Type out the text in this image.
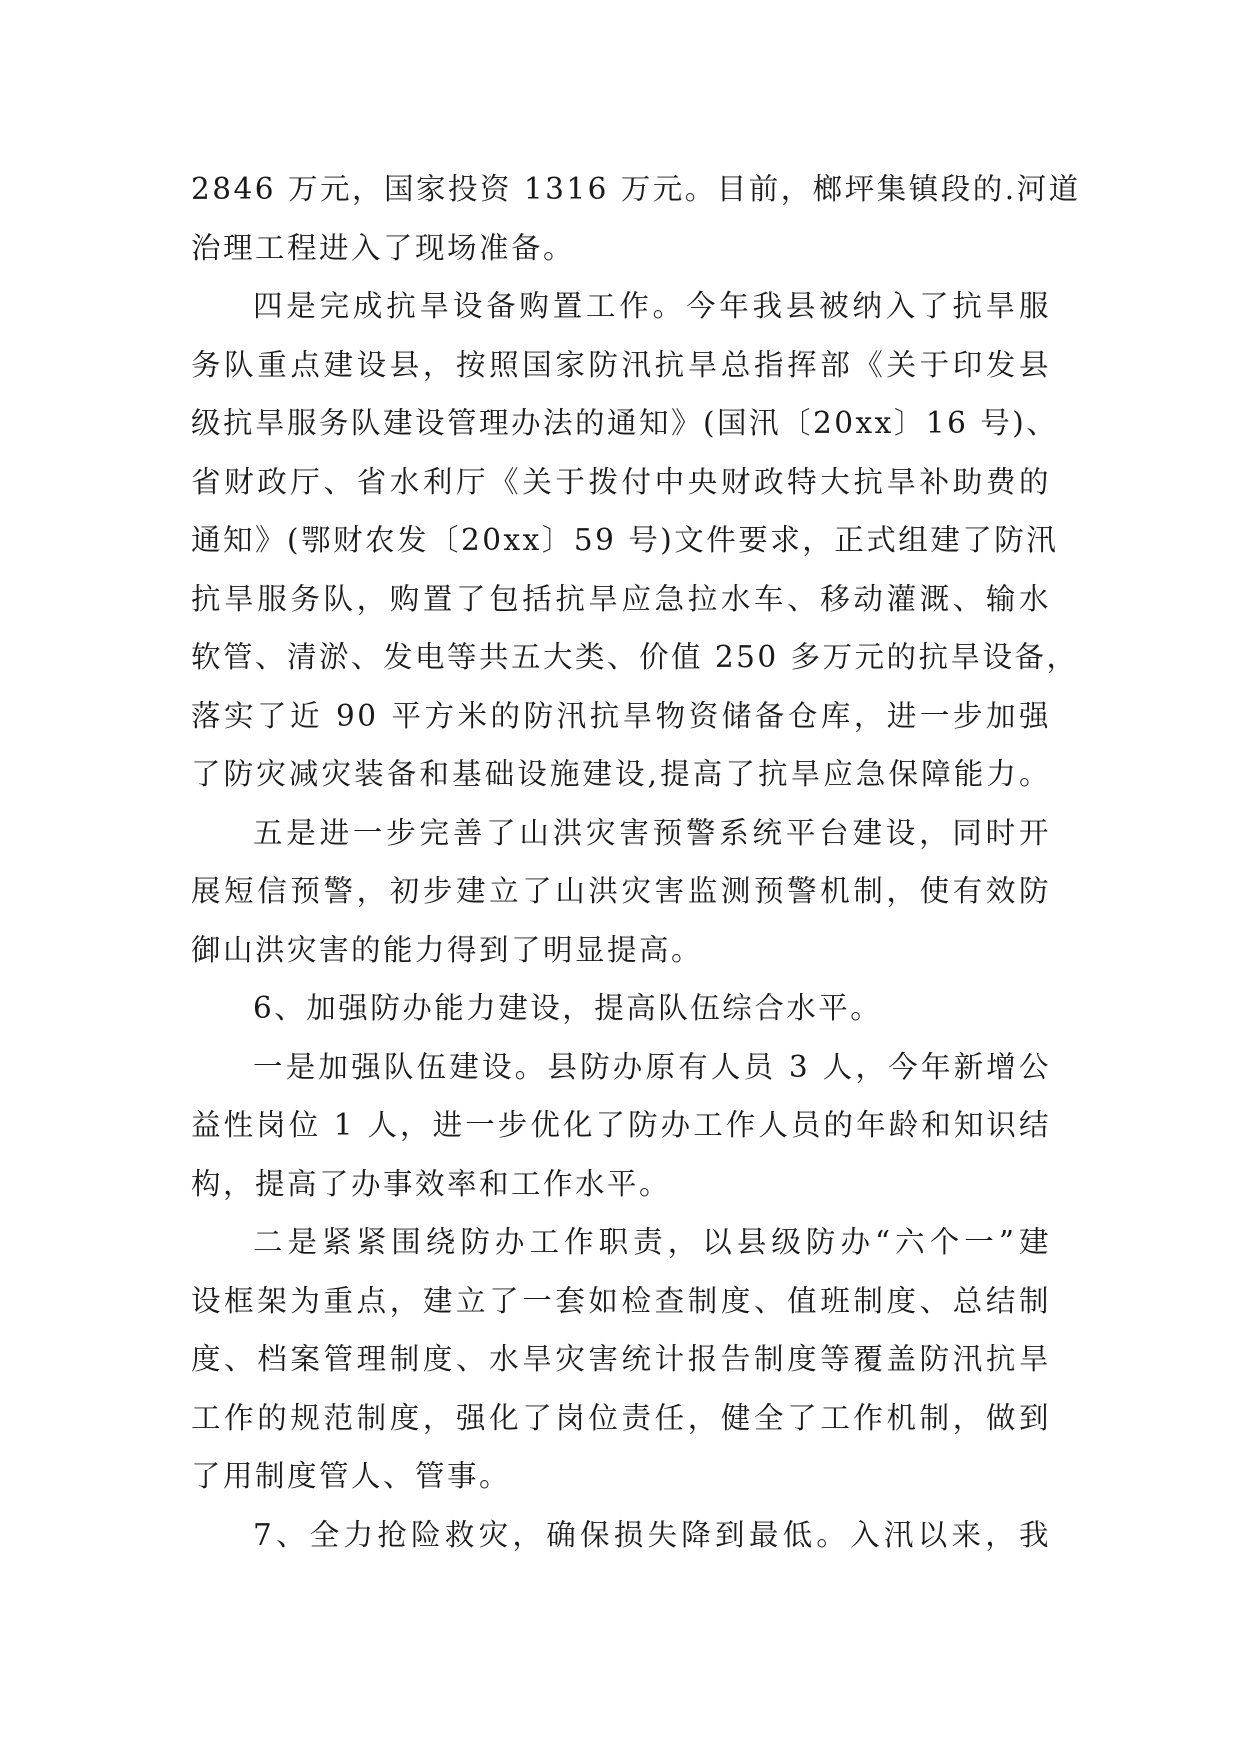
2846 万元，国家投资 1316 万元。目前，榔坪集镇段的.河道
治理工程进入了现场准备。
四是完成抗旱设备购置工作。今年我县被纳入了抗旱服
务队重点建设县，按照国家防汛抗旱总指挥部《关于印发县
级抗旱服务队建设管理办法的通知》(国汛〔20xx〕16 号)、
省财政厅、省水利厅《关于拨付中央财政特大抗旱补助费的
通知》(鄂财农发〔20xx〕59 号)文件要求，正式组建了防汛
抗旱服务队，购置了包括抗旱应急拉水车、移动灌溉、输水
软管、清淤、发电等共五大类、价值 250 多万元的抗旱设备，
落实了近 90 平方米的防汛抗旱物资储备仓库，进一步加强
了防灾减灾装备和基础设施建设,提高了抗旱应急保障能力。
五是进一步完善了山洪灾害预警系统平台建设，同时开
展短信预警，初步建立了山洪灾害监测预警机制，使有效防
御山洪灾害的能力得到了明显提高。
6、加强防办能力建设，提高队伍综合水平。
一是加强队伍建设。县防办原有人员 3 人，今年新增公
益性岗位 1 人，进一步优化了防办工作人员的年龄和知识结
构，提高了办事效率和工作水平。
二是紧紧围绕防办工作职责，以县级防办“六个一”建
设框架为重点，建立了一套如检查制度、值班制度、总结制
度、档案管理制度、水旱灾害统计报告制度等覆盖防汛抗旱
工作的规范制度，强化了岗位责任，健全了工作机制，做到
了用制度管人、管事。
7、全力抢险救灾，确保损失降到最低。入汛以来，我
